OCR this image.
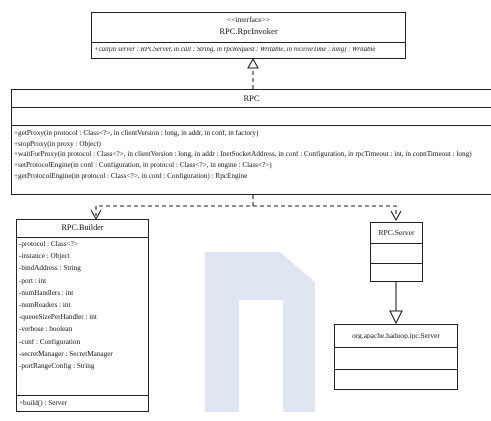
<<interface>>
RPC.RpcInvoker
+call(in server : RPCServer, in call : String, in rpcRequest : Writable, in receiveTime : long) : Writable
RPC
+getProxy(in protocol : Class<?>, in clientVersion : long, in addr, in conf, in factory)
+stopProxy(in proxy : Object)
+waitForProxy(in protocol : Class<?>, in clientVersion : long, in addr : InetSocketAddress, in conf : Configuration, in rpcTimeout : int, in connTimeout : long)
+setProtocolEngine(in conf : Configuration, in protocol : Class<?>, in engine : Class<?>)
+getProtocolEngine(in protocol : Class<?>, in conf : Configuration) : RpcEngine
RPC.Builder
-protocol : Class<?>
-instance : Object
-bindAddress : String
-port : int
-numHandlers : int
-numReaders : int
-queueSizePerHandler : int
-verbose : boolean
-conf : Configuration
-secretManager : SecretManager
-portRangeConfig : String
+build() : Server
RPC.Server
org.apache.hadoop.ipc.Server
